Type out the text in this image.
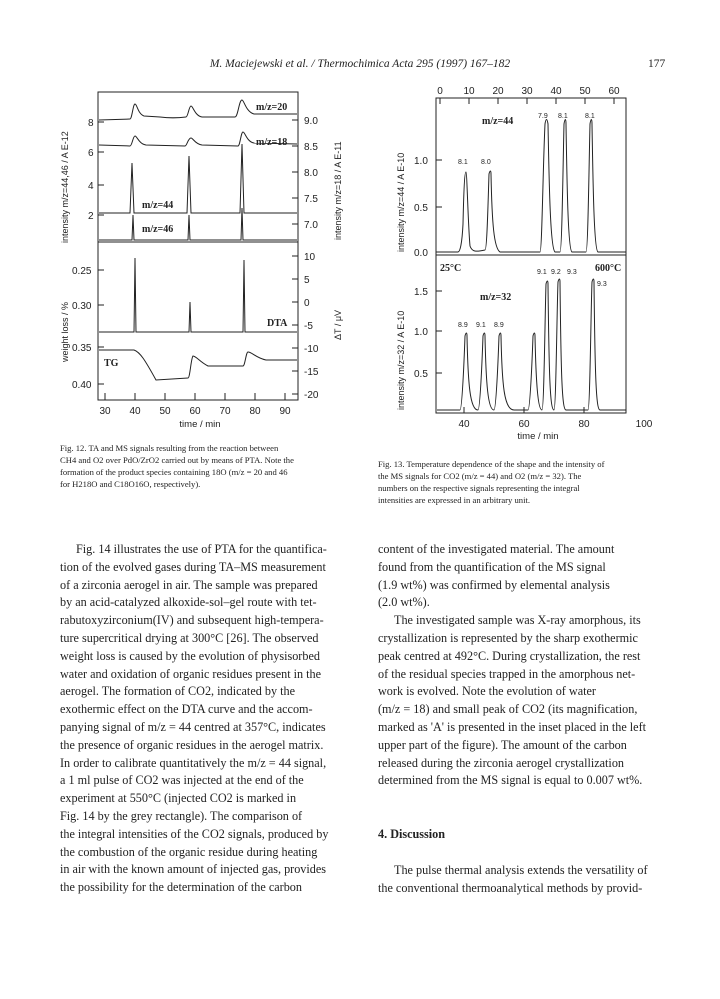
M. Maciejewski et al. / Thermochimica Acta 295 (1997) 167–182	177
m/z=20
m/z=18
m/z=44
m/z=46
DTA
TG
8
6
4
2
9.0
8.5
8.0
7.5
7.0
0.25
0.30
0.35
0.40
10
5
0
-5
-10
-15
-20
30 40 50 60 70 80 90
time / min
intensity m/z=44,46 / A E-12	intensity m/z=18 / A E-11
weight loss / %	ΔT / μV
Fig. 12. TA and MS signals resulting from the reaction between
CH4 and O2 over PdO/ZrO2 carried out by means of PTA. Note the
formation of the product species containing 18O (m/z = 20 and 46
for H218O and C18O16O, respectively).
0 10 20 30 40 50 60
1.0
0.5
0.0
1.5
1.0
0.5
40	60	80	100
time / min
m/z=44
m/z=32
25°C	600°C
8.1 8.0
7.9 8.1 8.1
8.9 9.1 8.9
9.1 9.2 9.3
9.3
intensity m/z=44 / A E-10
intensity m/z=32 / A E-10
Fig. 13. Temperature dependence of the shape and the intensity of
the MS signals for CO2 (m/z = 44) and O2 (m/z = 32). The
numbers on the respective signals representing the integral
intensities are expressed in an arbitrary unit.
Fig. 14 illustrates the use of PTA for the quantifica-
tion of the evolved gases during TA–MS measurement
of a zirconia aerogel in air. The sample was prepared
by an acid-catalyzed alkoxide-sol–gel route with tet-
rabutoxyzirconium(IV) and subsequent high-tempera-
ture supercritical drying at 300°C [26]. The observed
weight loss is caused by the evolution of physisorbed
water and oxidation of organic residues present in the
aerogel. The formation of CO2, indicated by the
exothermic effect on the DTA curve and the accom-
panying signal of m/z = 44 centred at 357°C, indicates
the presence of organic residues in the aerogel matrix.
In order to calibrate quantitatively the m/z = 44 signal,
a 1 ml pulse of CO2 was injected at the end of the
experiment at 550°C (injected CO2 is marked in
Fig. 14 by the grey rectangle). The comparison of
the integral intensities of the CO2 signals, produced by
the combustion of the organic residue during heating
in air with the known amount of injected gas, provides
the possibility for the determination of the carbon
content of the investigated material. The amount
found from the quantification of the MS signal
(1.9 wt%) was confirmed by elemental analysis
(2.0 wt%).
The investigated sample was X-ray amorphous, its
crystallization is represented by the sharp exothermic
peak centred at 492°C. During crystallization, the rest
of the residual species trapped in the amorphous net-
work is evolved. Note the evolution of water
(m/z = 18) and small peak of CO2 (its magnification,
marked as 'A' is presented in the inset placed in the left
upper part of the figure). The amount of the carbon
released during the zirconia aerogel crystallization
determined from the MS signal is equal to 0.007 wt%.
4. Discussion
The pulse thermal analysis extends the versatility of
the conventional thermoanalytical methods by provid-
